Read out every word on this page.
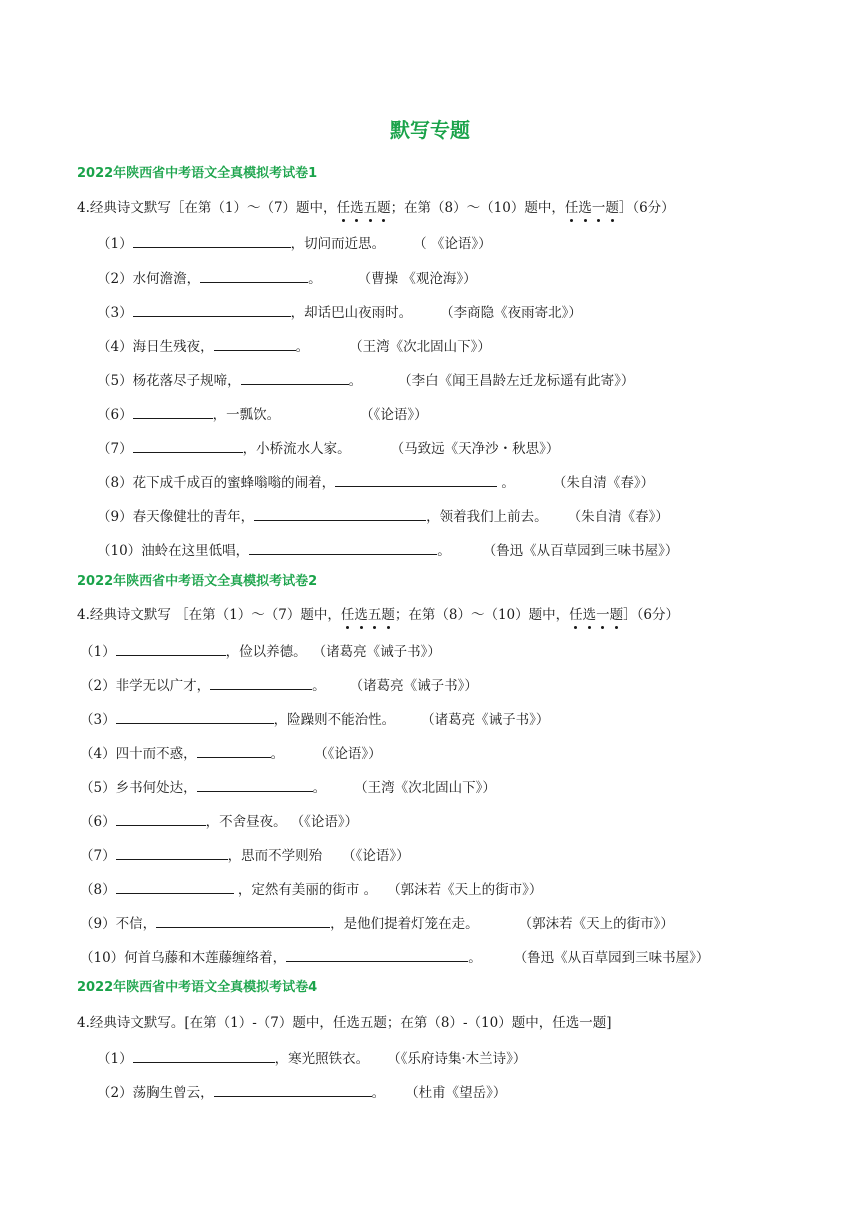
默写专题
2022年陕西省中考语文全真模拟考试卷1
4.经典诗文默写［在第（1）～（7）题中，任选五题；在第（8）～（10）题中，任选一题］（6分）
（1）	，切问而近思。 （ 《论语》）
（2）水何澹澹，	。	（曹操 《观沧海》）
（3）	，却话巴山夜雨时。 （李商隐《夜雨寄北》）
（4）海日生残夜，	。	（王湾《次北固山下》）
（5）杨花落尽子规啼，	。	（李白《闻王昌龄左迁龙标遥有此寄》）
（6）	，一瓢饮。	（《论语》）
（7）	，小桥流水人家。	（马致远《天净沙・秋思》）
（8）花下成千成百的蜜蜂嗡嗡的闹着，	。	（朱自清《春》）
（9）春天像健壮的青年，	，领着我们上前去。 （朱自清《春》）
（10）油蛉在这里低唱，	。 （鲁迅《从百草园到三味书屋》）
2022年陕西省中考语文全真模拟考试卷2
4.经典诗文默写 ［在第（1）～（7）题中，任选五题；在第（8）～（10）题中，任选一题］（6分）
（1）	，俭以养德。 （诸葛亮《诫子书》）
（2）非学无以广才，	。 （诸葛亮《诫子书》）
（3）	，险躁则不能治性。 （诸葛亮《诫子书》）
（4）四十而不惑，	。 （《论语》）
（5）乡书何处达，	。 （王湾《次北固山下》）
（6）	，不舍昼夜。 （《论语》）
（7）	，思而不学则殆 （《论语》）
（8）	，定然有美丽的街市 。 （郭沫若《天上的街市》）
（9）不信，	，是他们提着灯笼在走。	（郭沫若《天上的街市》）
（10）何首乌藤和木莲藤缠络着，	。 （鲁迅《从百草园到三味书屋》）
2022年陕西省中考语文全真模拟考试卷4
4.经典诗文默写。[在第（1）-（7）题中，任选五题；在第（8）-（10）题中，任选一题]
（1）	，寒光照铁衣。 （《乐府诗集·木兰诗》）
（2）荡胸生曾云，	。 （杜甫《望岳》）
